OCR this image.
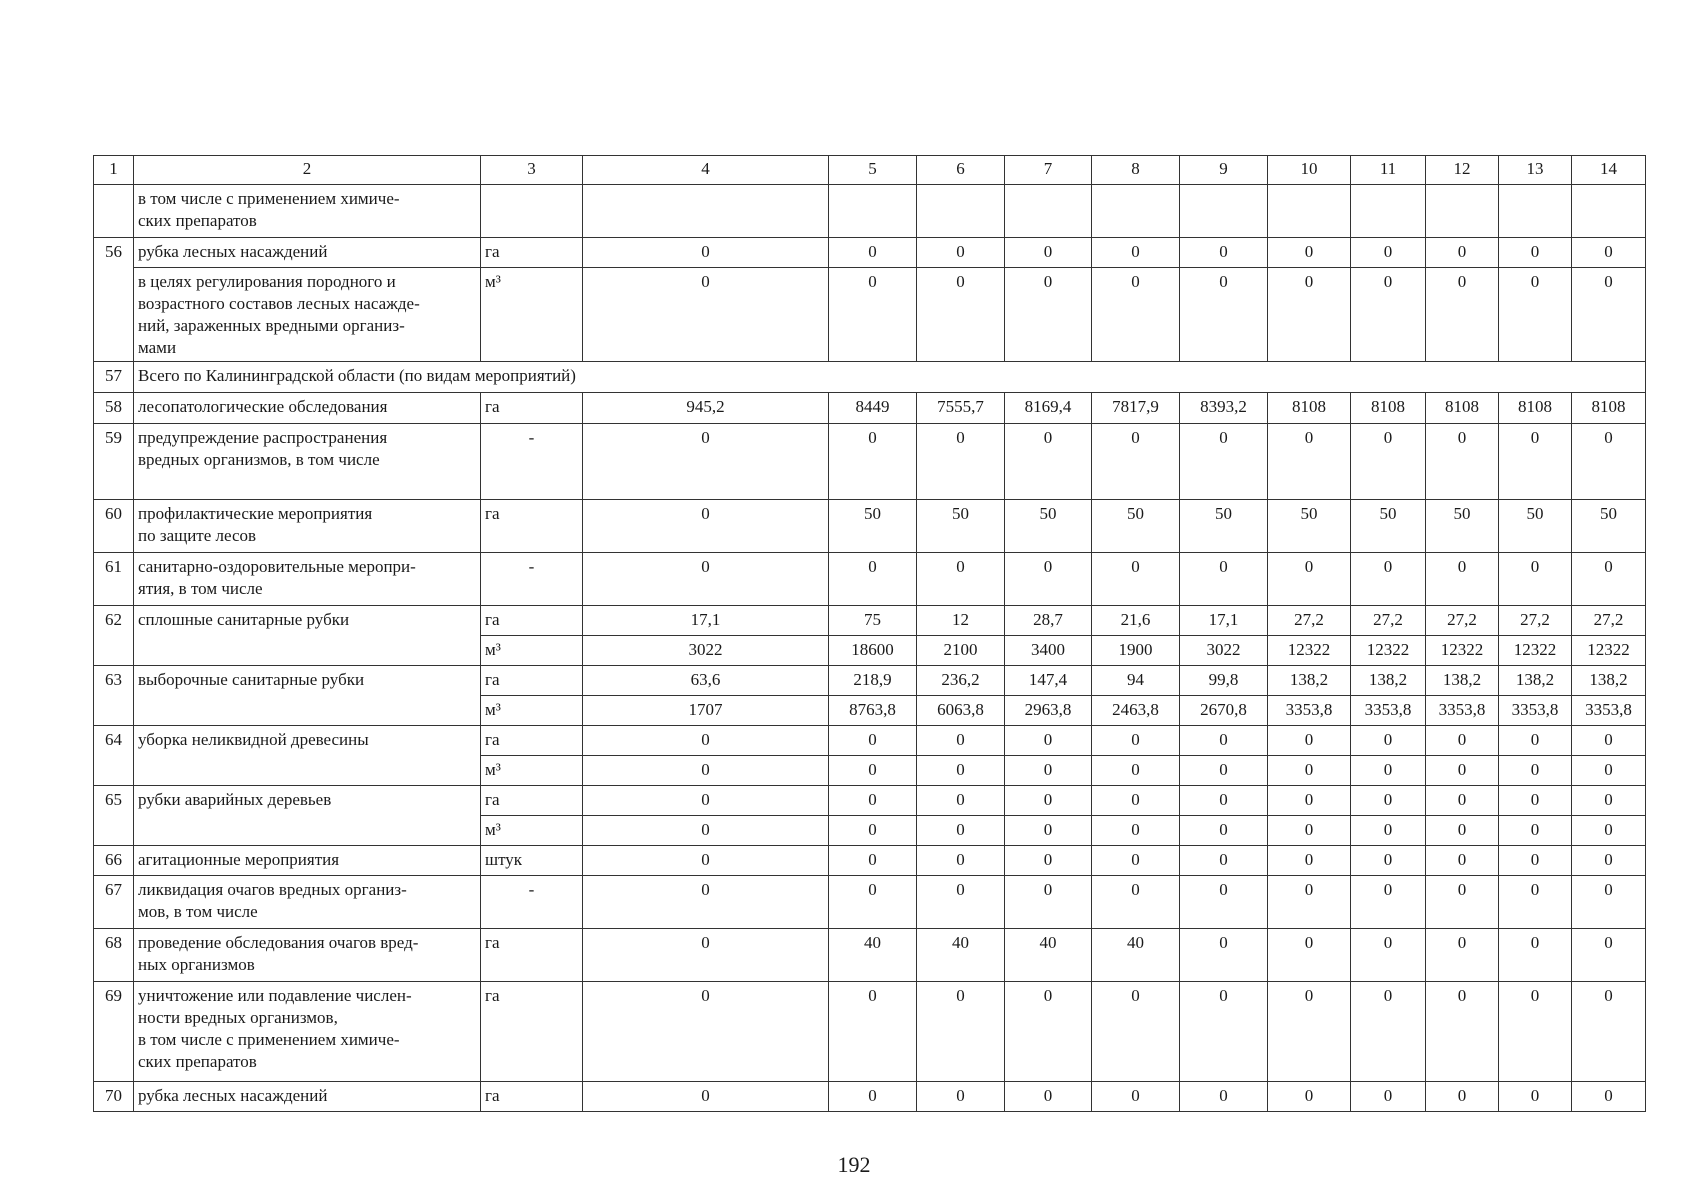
1	2	3	4	5	6	7	8	9	10	11	12	13	14
	в том числе с применением химиче-
ских препаратов												
56	рубка лесных насаждений	га	0	0	0	0	0	0	0	0	0	0	0
	в целях регулирования породного и
возрастного составов лесных насажде-
ний, зараженных вредными организ-
мами	м³	0	0	0	0	0	0	0	0	0	0	0
57	Всего по Калининградской области (по видам мероприятий)												
58	лесопатологические обследования	га	945,2	8449	7555,7	8169,4	7817,9	8393,2	8108	8108	8108	8108	8108
59	предупреждение распространения
вредных организмов, в том числе	-	0	0	0	0	0	0	0	0	0	0	0
60	профилактические мероприятия
по защите лесов	га	0	50	50	50	50	50	50	50	50	50	50
61	санитарно-оздоровительные меропри-
ятия, в том числе	-	0	0	0	0	0	0	0	0	0	0	0
62	сплошные санитарные рубки	га	17,1	75	12	28,7	21,6	17,1	27,2	27,2	27,2	27,2	27,2
		м³	3022	18600	2100	3400	1900	3022	12322	12322	12322	12322	12322
63	выборочные санитарные рубки	га	63,6	218,9	236,2	147,4	94	99,8	138,2	138,2	138,2	138,2	138,2
		м³	1707	8763,8	6063,8	2963,8	2463,8	2670,8	3353,8	3353,8	3353,8	3353,8	3353,8
64	уборка неликвидной древесины	га	0	0	0	0	0	0	0	0	0	0	0
		м³	0	0	0	0	0	0	0	0	0	0	0
65	рубки аварийных деревьев	га	0	0	0	0	0	0	0	0	0	0	0
		м³	0	0	0	0	0	0	0	0	0	0	0
66	агитационные мероприятия	штук	0	0	0	0	0	0	0	0	0	0	0
67	ликвидация очагов вредных организ-
мов, в том числе	-	0	0	0	0	0	0	0	0	0	0	0
68	проведение обследования очагов вред-
ных организмов	га	0	40	40	40	40	0	0	0	0	0	0
69	уничтожение или подавление числен-
ности вредных организмов,
в том числе с применением химиче-
ских препаратов	га	0	0	0	0	0	0	0	0	0	0	0
70	рубка лесных насаждений	га	0	0	0	0	0	0	0	0	0	0	0
192
